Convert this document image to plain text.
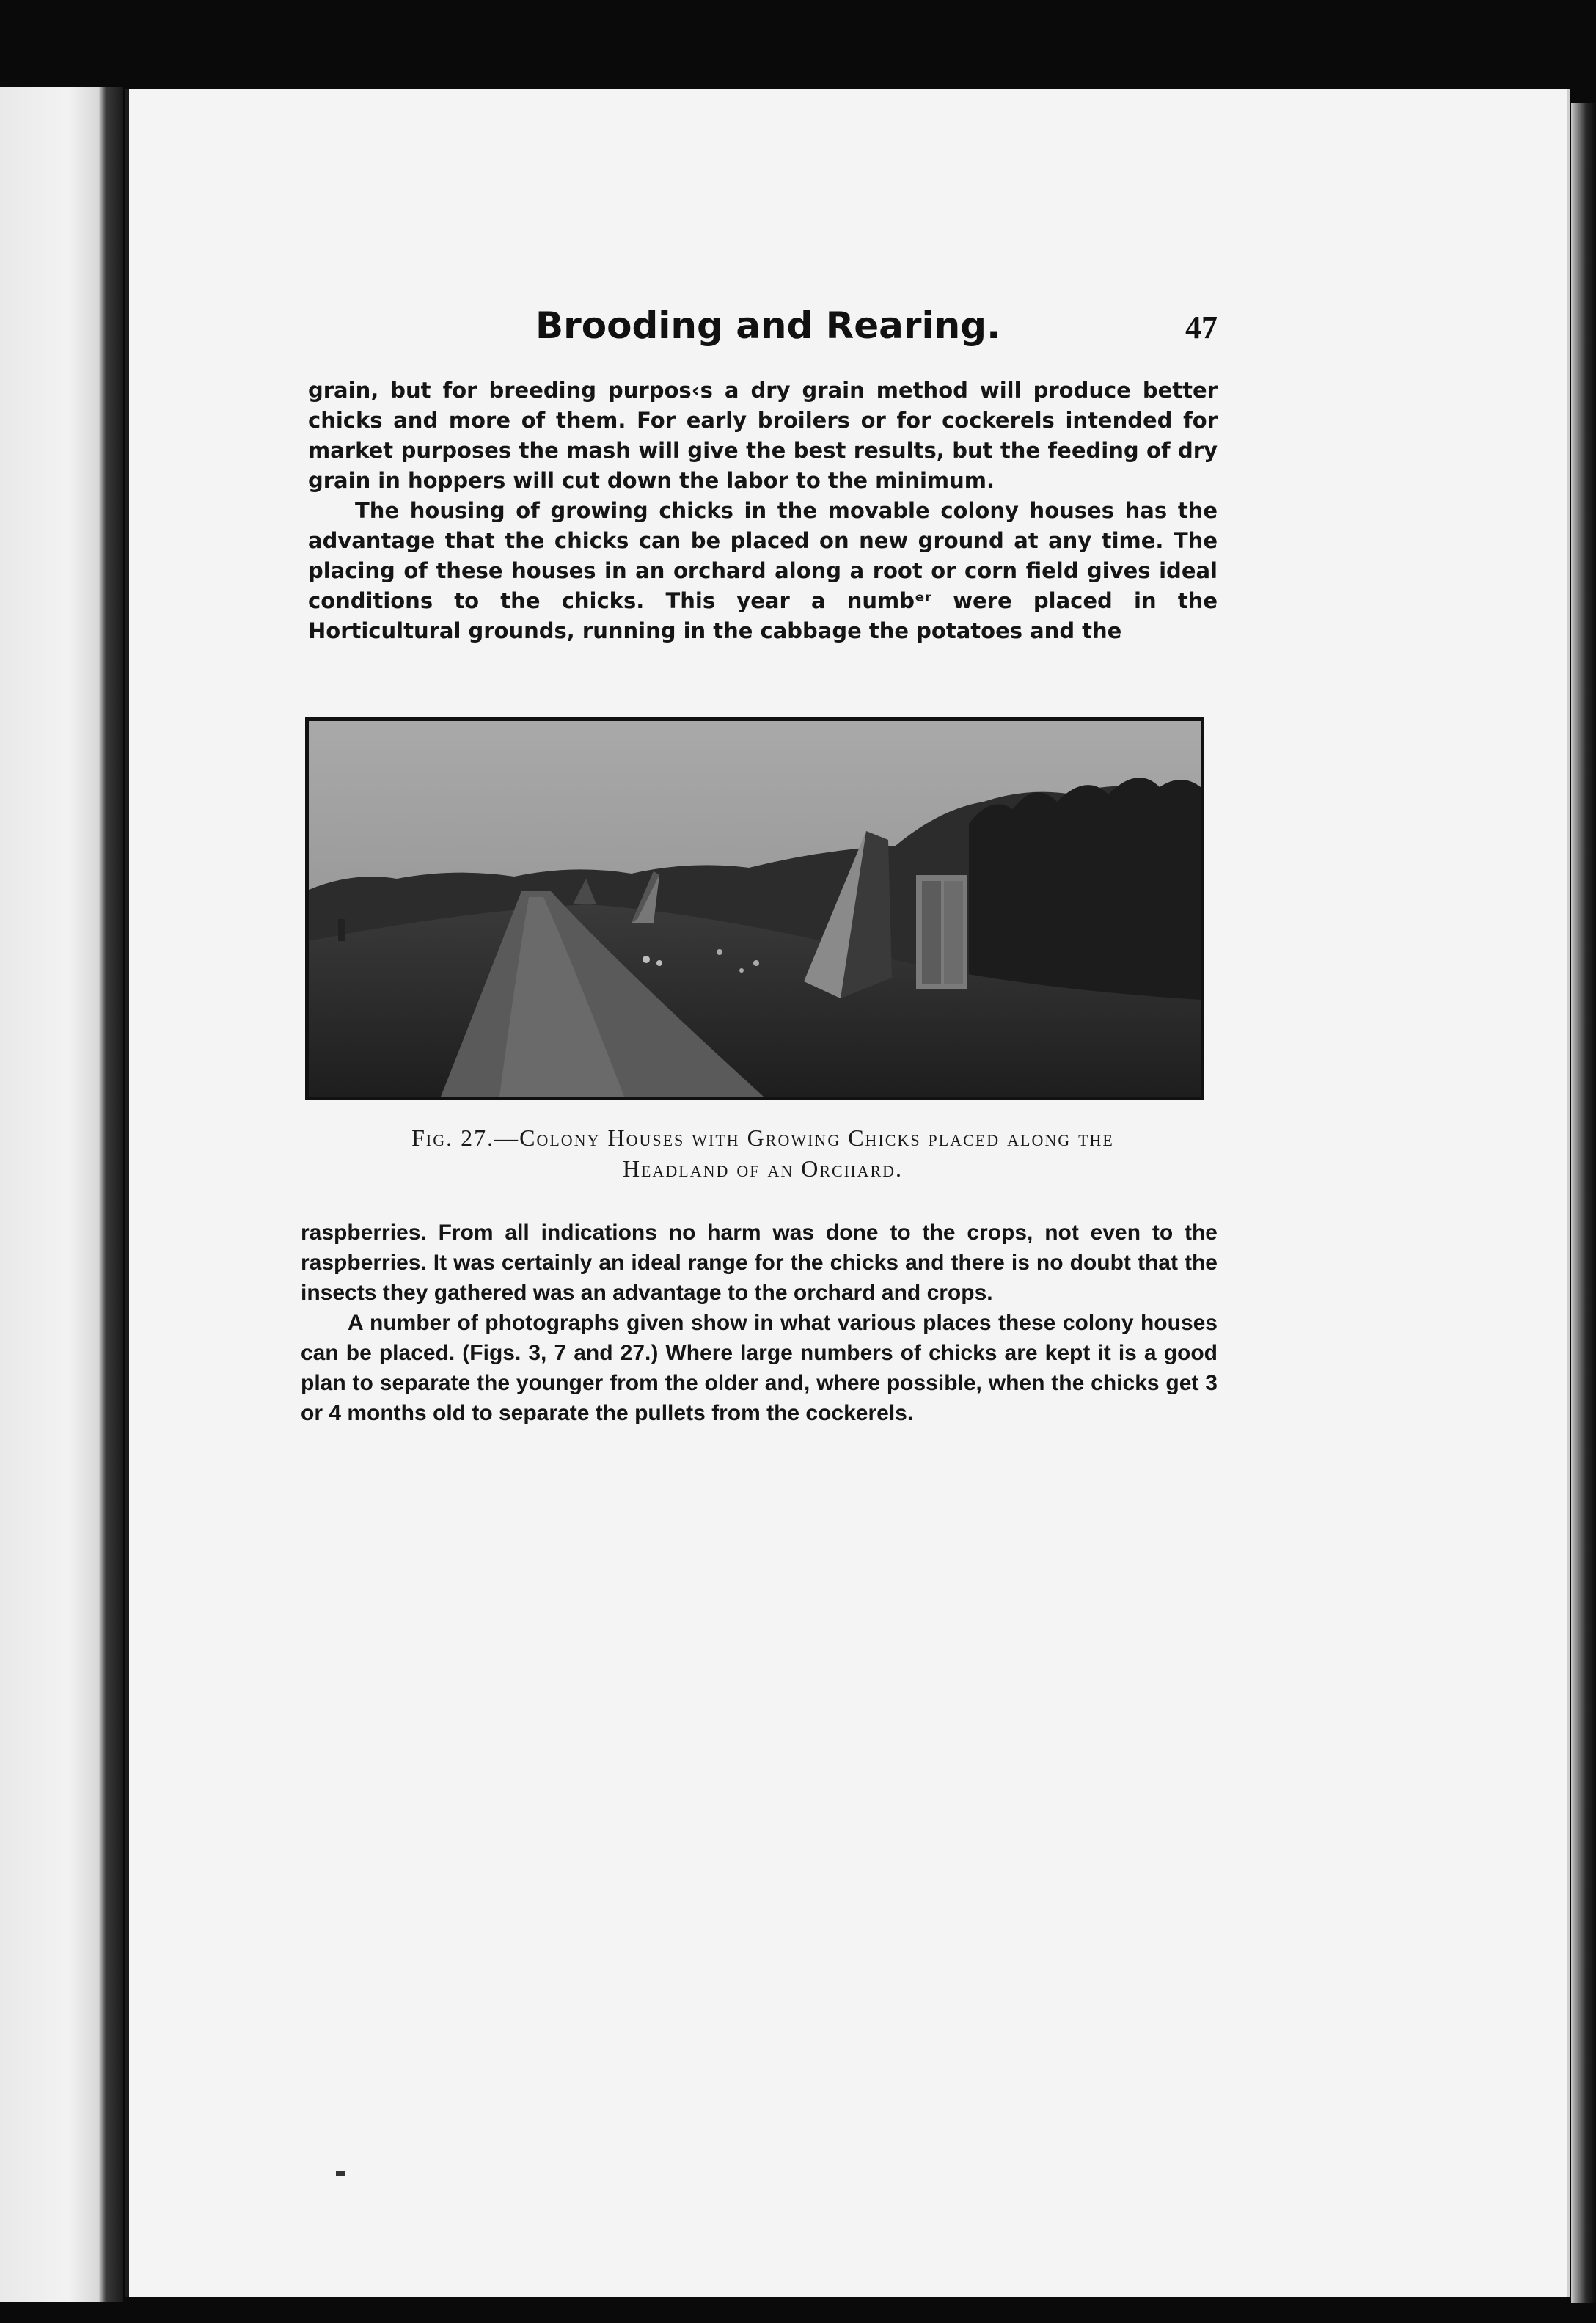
Brooding and Rearing.	47

grain, but for breeding purpos‹s a dry grain method will produce better chicks and more of them. For early broilers or for cockerels intended for market purposes the mash will give the best results, but the feeding of dry grain in hoppers will cut down the labor to the minimum.

The housing of growing chicks in the movable colony houses has the advantage that the chicks can be placed on new ground at any time. The placing of these houses in an orchard along a root or corn field gives ideal conditions to the chicks. This year a numbᵉʳ were placed in the Horticultural grounds, running in the cabbage the potatoes and the

Fig. 27.—Colony Houses with Growing Chicks placed along the
Headland of an Orchard.

raspberries. From all indications no harm was done to the crops, not even to the rasƿberries. It was certainly an ideal range for the chicks and there is no doubt that the insects they gathered was an advantage to the orchard and crops.

A number of photographs given show in what various places these colony houses can be placed. (Figs. 3, 7 and 27.) Where large numbers of chicks are kept it is a good plan to separate the younger from the older and, where possible, when the chicks get 3 or 4 months old to separate the pullets from the cockerels.
